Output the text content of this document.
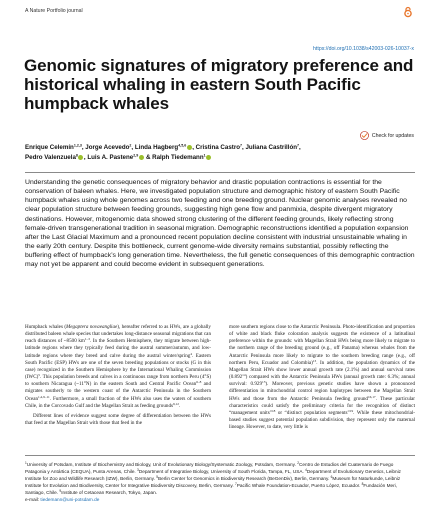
A Nature Portfolio journal
https://doi.org/10.1038/s42003-026-10037-x
Genomic signatures of migratory preference and historical whaling in eastern South Pacific humpback whales
Check for updates

Enrique Celemín$^{1,2,3}$, Jorge Acevedo$^2$, Linda Hagberg$^{4,5,6}$ , Cristina Castro$^7$, Juliana Castrillón$^7$, Pedro Valenzuela$^8$ , Luis A. Pastene$^{2,9}$ & Ralph Tiedemann$^1$

Understanding the genetic consequences of migratory behavior and drastic population contractions is essential for the conservation of baleen whales. Here, we investigated population structure and demographic history of eastern South Pacific humpback whales using whole genomes across two feeding and one breeding ground. Nuclear genomic analyses revealed no clear population structure between feeding grounds, suggesting high gene flow and panmixia, despite divergent migratory destinations. However, mitogenomic data showed strong clustering of the different feeding grounds, likely reflecting strong female-driven transgenerational tradition in seasonal migration. Demographic reconstructions identified a population expansion after the Last Glacial Maximum and a pronounced recent population decline consistent with industrial unsustainable whaling in the early 20th century. Despite this bottleneck, current genome-wide diversity remains substantial, possibly reflecting the buffering effect of humpback’s long generation time. Nevertheless, the full genetic consequences of this demographic contraction may not yet be apparent and could become evident in subsequent generations.

Humpback whales (Megaptera novaeangliae), hereafter referred to as HWs, are a globally distributed baleen whale species that undertakes long-distance seasonal migrations that can reach distances of ~8500 $km^{1-3}$. In the Southern Hemisphere, they migrate between high-latitude regions where they typically feed during the austral summer/autumn, and low-latitude regions where they breed and calve during the austral winter/spring$^4$. Eastern South Pacific (ESP) HWs are one of the seven breeding populations or stocks (G in this case) recognized in the Southern Hemisphere by the International Whaling Commission (IWC)$^5$. This population breeds and calves in a continuous range from northern Peru (4°S) to southern Nicaragua (~11°N) in the eastern South and Central Pacific Ocean$^{6-8}$ and migrates southerly to the western coast of the Antarctic Peninsula in the Southern Ocean$^{1,4,9-11}$. Furthermore, a small fraction of the HWs also uses the waters of southern Chile, in the Corcovado Gulf and the Magellan Strait as feeding grounds$^{9,12}$.

Different lines of evidence suggest some degree of differentiation between the HWs that feed at the Magellan Strait with those that feed in the

more southern regions close to the Antarctic Peninsula. Photo-identification and proportion of white and black fluke coloration analysis suggests the existence of a latitudinal preference within the grounds: with Magellan Strait HWs being more likely to migrate to the northern range of the breeding ground (e.g., off Panama) whereas whales from the Antarctic Peninsula more likely to migrate to the southern breeding range (e.g., off northern Peru, Ecuador and Colombia)$^{13}$. In addition, the population dynamics of the Magellan Strait HWs show lower annual growth rate (2.1%) and annual survival rates (0.892$^{14}$) compared with the Antarctic Peninsula HWs (annual growth rate: 6.3%; annual survival: 0.929$^{15}$). Moreover, previous genetic studies have shown a pronounced differentiation in mitochondrial control region haplotypes between the Magellan Strait HWs and those from the Antarctic Peninsula feeding ground$^{16,17}$. These particular characteristics could satisfy the preliminary criteria for the recognition of distinct “management units”$^{18}$ or “distinct population segments”$^{19}$. While these mitochondrial-based studies suggest potential population subdivision, they represent only the maternal lineage. However, to date, very little is

$^1$University of Potsdam, Institute of Biochemistry and Biology, Unit of Evolutionary Biology/Systematic Zoology, Potsdam, Germany. $^2$Centro de Estudios del Cuaternario de Fuego Patagonia y Antártica (CEQUA), Punta Arenas, Chile. $^3$Department of Integrative Biology, University of South Florida, Tampa, FL, USA. $^4$Department of Evolutionary Genetics, Leibniz Institute for Zoo and Wildlife Research (IZW), Berlin, Germany. $^5$Berlin Center for Genomics in Biodiversity Research (BeGenDiv), Berlin, Germany. $^6$Museum für Naturkunde, Leibniz Institute for Evolution and Biodiversity, Center for Integrative Biodiversity Discovery, Berlin, Germany. $^7$Pacific Whale Foundation-Ecuador, Puerto López, Ecuador. $^8$Fundación Meri, Santiago, Chile. $^9$Institute of Cetacean Research, Tokyo, Japan.

e-mail: tiedemann@uni-potsdam.de
